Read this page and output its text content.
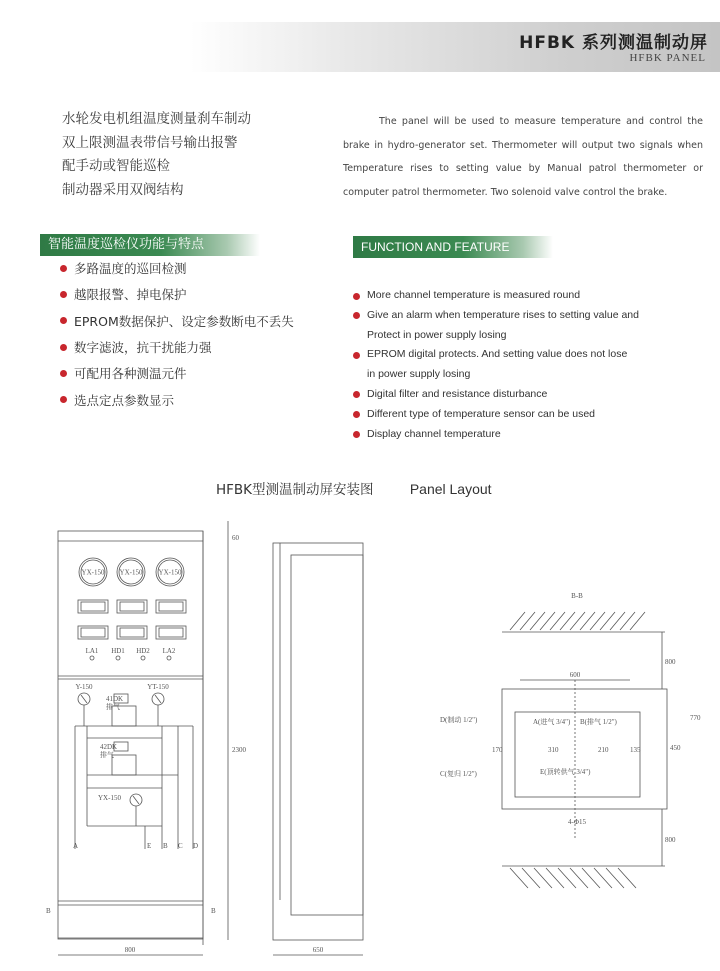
HFBK 系列测温制动屏
HFBK PANEL
水轮发电机组温度测量刹车制动
双上限测温表带信号输出报警
配手动或智能巡检
制动器采用双阀结构

The panel will be used to measure temperature and control the brake in hydro-generator set. Thermometer will output two signals when Temperature rises to setting value by Manual patrol thermometer or computer patrol thermometer. Two solenoid valve control the brake.

智能温度巡检仪功能与特点
多路温度的巡回检测
越限报警、掉电保护
EPROM数据保护、设定参数断电不丢失
数字滤波，抗干扰能力强
可配用各种测温元件
选点定点参数显示
FUNCTION AND FEATURE
More channel temperature is measured round
Give an alarm when temperature rises to setting value and
Protect in power supply losing
EPROM digital protects. And setting value does not lose
in power supply losing
Digital filter and resistance disturbance
Different type of temperature sensor can be used
Display channel temperature
HFBK型测温制动屏安装图	Panel Layout
YX-150 YX-150 YX-150
LA1 HD1 HD2 LA2
Y-150
41DK
排气
42DK
排气
YT-150
YX-150
A	E B C D
60
2300
800
B	B
650
B-B
800
600
A(进气 3/4") B(排气 1/2")
D(制动 1/2")
C(复归 1/2")	E(顶转供气 3/4")
310	210	135
170
770
450
4-Φ15
800
